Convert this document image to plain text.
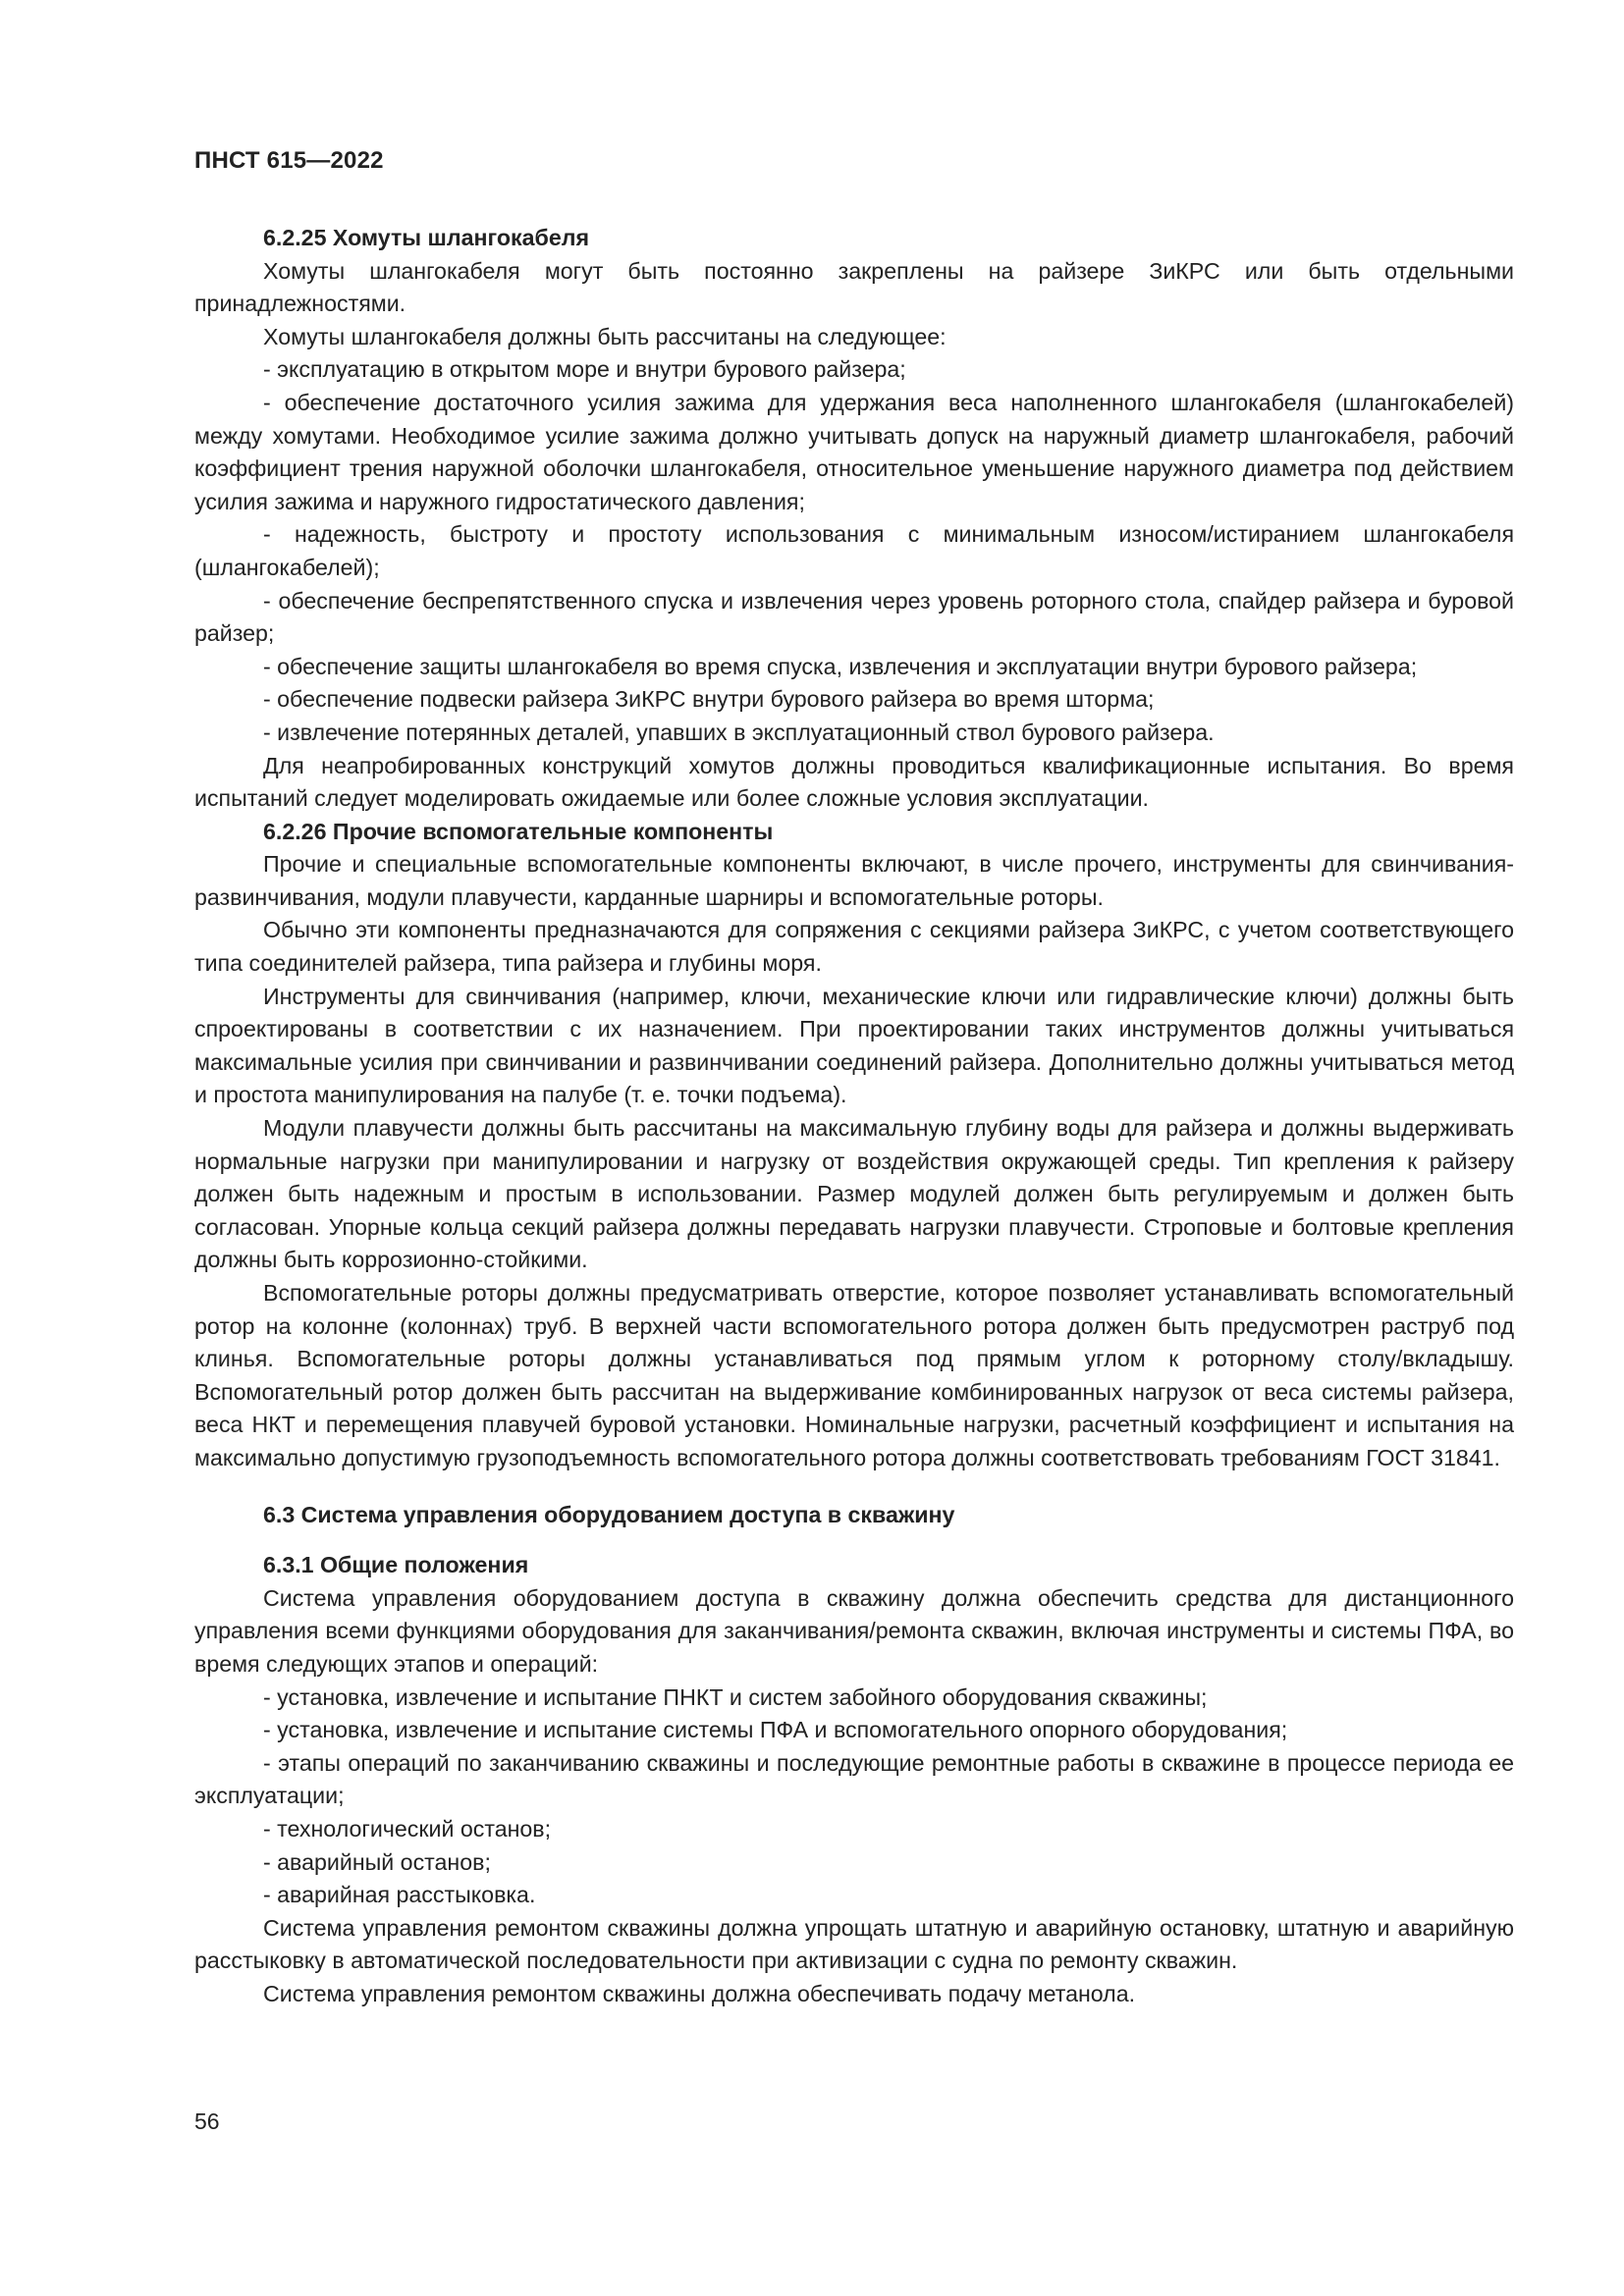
ПНСТ 615—2022

6.2.25 Хомуты шлангокабеля

Хомуты шлангокабеля могут быть постоянно закреплены на райзере ЗиКРС или быть отдельными принадлежностями.

Хомуты шлангокабеля должны быть рассчитаны на следующее:

- эксплуатацию в открытом море и внутри бурового райзера;

- обеспечение достаточного усилия зажима для удержания веса наполненного шлангокабеля (шлангокабелей) между хомутами. Необходимое усилие зажима должно учитывать допуск на наружный диаметр шлангокабеля, рабочий коэффициент трения наружной оболочки шлангокабеля, относительное уменьшение наружного диаметра под действием усилия зажима и наружного гидростатического давления;

- надежность, быстроту и простоту использования с минимальным износом/истиранием шлангокабеля (шлангокабелей);

- обеспечение беспрепятственного спуска и извлечения через уровень роторного стола, спайдер райзера и буровой райзер;

- обеспечение защиты шлангокабеля во время спуска, извлечения и эксплуатации внутри бурового райзера;

- обеспечение подвески райзера ЗиКРС внутри бурового райзера во время шторма;

- извлечение потерянных деталей, упавших в эксплуатационный ствол бурового райзера.

Для неапробированных конструкций хомутов должны проводиться квалификационные испытания. Во время испытаний следует моделировать ожидаемые или более сложные условия эксплуатации.

6.2.26 Прочие вспомогательные компоненты

Прочие и специальные вспомогательные компоненты включают, в числе прочего, инструменты для свинчивания-развинчивания, модули плавучести, карданные шарниры и вспомогательные роторы.

Обычно эти компоненты предназначаются для сопряжения с секциями райзера ЗиКРС, с учетом соответствующего типа соединителей райзера, типа райзера и глубины моря.

Инструменты для свинчивания (например, ключи, механические ключи или гидравлические ключи) должны быть спроектированы в соответствии с их назначением. При проектировании таких инструментов должны учитываться максимальные усилия при свинчивании и развинчивании соединений райзера. Дополнительно должны учитываться метод и простота манипулирования на палубе (т. е. точки подъема).

Модули плавучести должны быть рассчитаны на максимальную глубину воды для райзера и должны выдерживать нормальные нагрузки при манипулировании и нагрузку от воздействия окружающей среды. Тип крепления к райзеру должен быть надежным и простым в использовании. Размер модулей должен быть регулируемым и должен быть согласован. Упорные кольца секций райзера должны передавать нагрузки плавучести. Строповые и болтовые крепления должны быть коррозионно-стойкими.

Вспомогательные роторы должны предусматривать отверстие, которое позволяет устанавливать вспомогательный ротор на колонне (колоннах) труб. В верхней части вспомогательного ротора должен быть предусмотрен раструб под клинья. Вспомогательные роторы должны устанавливаться под прямым углом к роторному столу/вкладышу. Вспомогательный ротор должен быть рассчитан на выдерживание комбинированных нагрузок от веса системы райзера, веса НКТ и перемещения плавучей буровой установки. Номинальные нагрузки, расчетный коэффициент и испытания на максимально допустимую грузоподъемность вспомогательного ротора должны соответствовать требованиям ГОСТ 31841.

6.3 Система управления оборудованием доступа в скважину

6.3.1 Общие положения

Система управления оборудованием доступа в скважину должна обеспечить средства для дистанционного управления всеми функциями оборудования для заканчивания/ремонта скважин, включая инструменты и системы ПФА, во время следующих этапов и операций:

- установка, извлечение и испытание ПНКТ и систем забойного оборудования скважины;

- установка, извлечение и испытание системы ПФА и вспомогательного опорного оборудования;

- этапы операций по заканчиванию скважины и последующие ремонтные работы в скважине в процессе периода ее эксплуатации;

- технологический останов;

- аварийный останов;

- аварийная расстыковка.

Система управления ремонтом скважины должна упрощать штатную и аварийную остановку, штатную и аварийную расстыковку в автоматической последовательности при активизации с судна по ремонту скважин.

Система управления ремонтом скважины должна обеспечивать подачу метанола.

56
